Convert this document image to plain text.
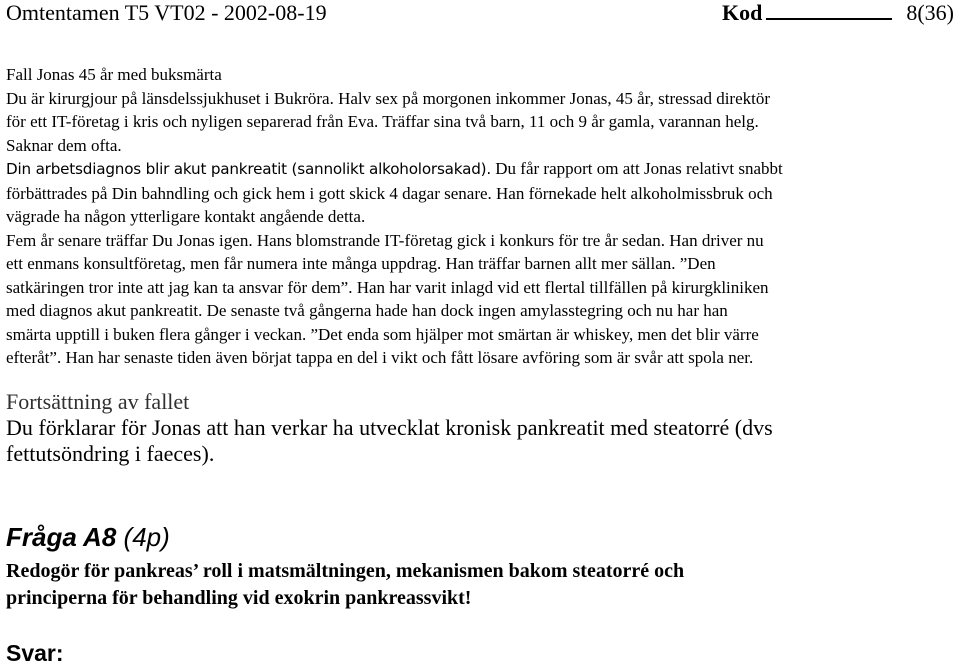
Omtentamen T5 VT02 - 2002-08-19	Kod	8(36)

Fall Jonas 45 år med buksmärta

Du är kirurgjour på länsdelssjukhuset i Bukröra. Halv sex på morgonen inkommer Jonas, 45 år, stressad direktör

för ett IT-företag i kris och nyligen separerad från Eva. Träffar sina två barn, 11 och 9 år gamla, varannan helg.

Saknar dem ofta.

Din arbetsdiagnos blir akut pankreatit (sannolikt alkoholorsakad). Du får rapport om att Jonas relativt snabbt

förbättrades på Din bahndling och gick hem i gott skick 4 dagar senare. Han förnekade helt alkoholmissbruk och

vägrade ha någon ytterligare kontakt angående detta.

Fem år senare träffar Du Jonas igen. Hans blomstrande IT-företag gick i konkurs för tre år sedan. Han driver nu

ett enmans konsultföretag, men får numera inte många uppdrag. Han träffar barnen allt mer sällan. ”Den

satkäringen tror inte att jag kan ta ansvar för dem”. Han har varit inlagd vid ett flertal tillfällen på kirurgkliniken

med diagnos akut pankreatit. De senaste två gångerna hade han dock ingen amylasstegring och nu har han

smärta upptill i buken flera gånger i veckan. ”Det enda som hjälper mot smärtan är whiskey, men det blir värre

efteråt”. Han har senaste tiden även börjat tappa en del i vikt och fått lösare avföring som är svår att spola ner.

Fortsättning av fallet
Du förklarar för Jonas att han verkar ha utvecklat kronisk pankreatit med steatorré (dvs
fettutsöndring i faeces).
Fråga A8 (4p)
Redogör för pankreas’ roll i matsmältningen, mekanismen bakom steatorré och
principerna för behandling vid exokrin pankreassvikt!
Svar:
